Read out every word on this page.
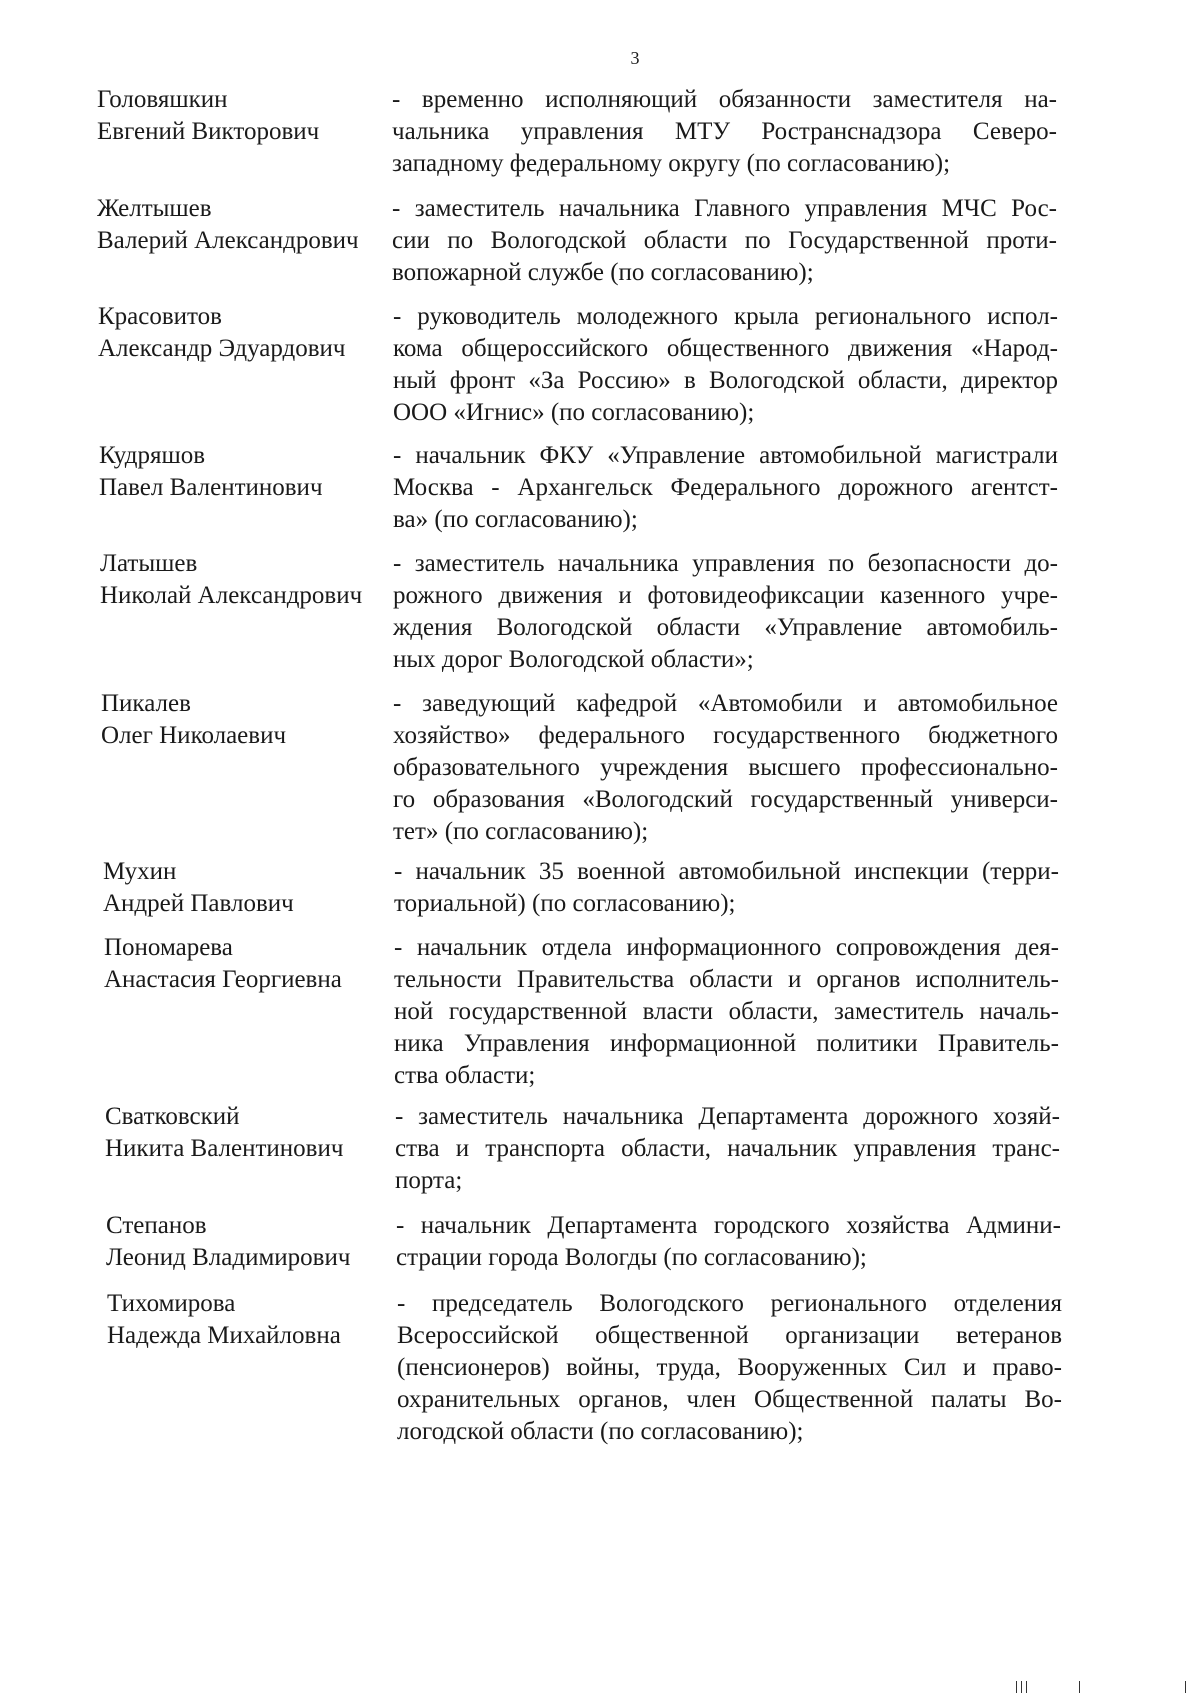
3
Головяшкин
Евгений Викторович
- временно исполняющий обязанности заместителя на-
чальника управления МТУ Ространснадзора Северо-
западному федеральному округу (по согласованию);
Желтышев
Валерий Александрович
- заместитель начальника Главного управления МЧС Рос-
сии по Вологодской области по Государственной проти-
вопожарной службе (по согласованию);
Красовитов
Александр Эдуардович
- руководитель молодежного крыла регионального испол-
кома общероссийского общественного движения «Народ-
ный фронт «За Россию» в Вологодской области, директор
ООО «Игнис» (по согласованию);
Кудряшов
Павел Валентинович
- начальник ФКУ «Управление автомобильной магистрали
Москва - Архангельск Федерального дорожного агентст-
ва» (по согласованию);
Латышев
Николай Александрович
- заместитель начальника управления по безопасности до-
рожного движения и фотовидеофиксации казенного учре-
ждения Вологодской области «Управление автомобиль-
ных дорог Вологодской области»;
Пикалев
Олег Николаевич
- заведующий кафедрой «Автомобили и автомобильное
хозяйство» федерального государственного бюджетного
образовательного учреждения высшего профессионально-
го образования «Вологодский государственный универси-
тет» (по согласованию);
Мухин
Андрей Павлович
- начальник 35 военной автомобильной инспекции (терри-
ториальной) (по согласованию);
Пономарева
Анастасия Георгиевна
- начальник отдела информационного сопровождения дея-
тельности Правительства области и органов исполнитель-
ной государственной власти области, заместитель началь-
ника Управления информационной политики Правитель-
ства области;
Сватковский
Никита Валентинович
- заместитель начальника Департамента дорожного хозяй-
ства и транспорта области, начальник управления транс-
порта;
Степанов
Леонид Владимирович
- начальник Департамента городского хозяйства Админи-
страции города Вологды (по согласованию);
Тихомирова
Надежда Михайловна
- председатель Вологодского регионального отделения
Всероссийской общественной организации ветеранов
(пенсионеров) войны, труда, Вооруженных Сил и право-
охранительных органов, член Общественной палаты Во-
логодской области (по согласованию);
